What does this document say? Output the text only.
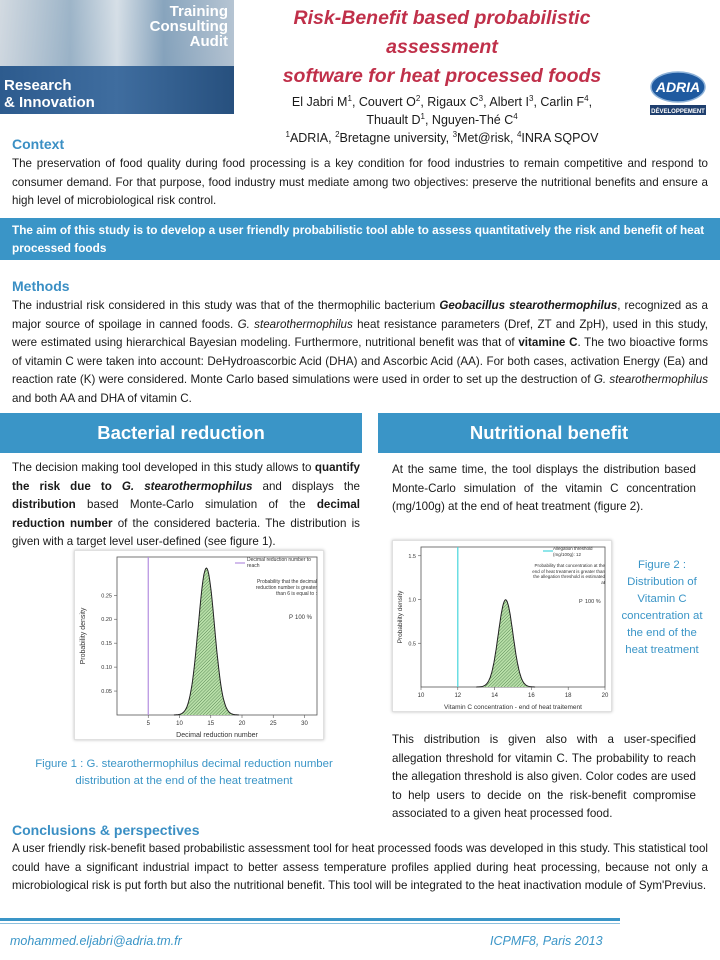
Training
Consulting
Audit
Research
& Innovation
Risk-Benefit based probabilistic assessment
software for heat processed foods
El Jabri $M^1$, Couvert $O^2$, Rigaux $C^3$, Albert $I^3$, Carlin $F^4$,
Thuault $D^1$, Nguyen-Thé $C^4$
$^1$ADRIA, $^2$Bretagne university, $^3$Met@risk, $^4$INRA SQPOV
ADRIA
DÉVELOPPEMENT
Context
The preservation of food quality during food processing is a key condition for food industries to remain competitive and respond to consumer demand. For that purpose, food industry must mediate among two objectives: preserve the nutritional benefits and ensure a high level of microbiological risk control.
The aim of this study is to develop a user friendly probabilistic tool able to assess quantitatively the risk and benefit of heat processed foods
Methods
The industrial risk considered in this study was that of the thermophilic bacterium Geobacillus stearothermophilus, recognized as a major source of spoilage in canned foods. G. stearothermophilus heat resistance parameters (Dref, ZT and ZpH), used in this study, were estimated using hierarchical Bayesian modeling. Furthermore, nutritional benefit was that of vitamine C. The two bioactive forms of vitamin C were taken into account: DeHydroascorbic Acid (DHA) and Ascorbic Acid (AA). For both cases, activation Energy (Ea) and reaction rate (K) were considered. Monte Carlo based simulations were used in order to set up the destruction of G. stearothermophilus and both AA and DHA of vitamin C.
Bacterial reduction	Nutritional benefit
The decision making tool developed in this study allows to quantify the risk due to G. stearothermophilus and displays the distribution based Monte-Carlo simulation of the decimal reduction number of the considered bacteria. The distribution is given with a target level user-defined (see figure 1).
5	10	15	20	25	30
0.05
0.10
0.15
0.20
0.25
Decimal reduction number to reach
Probability that the decimal reduction number is greater than 6 is equal to :
P 100 %
Decimal reduction number
Probability density
Figure 1 : G. stearothermophilus decimal reduction number distribution at the end of the heat treatment
At the same time, the tool displays the distribution based Monte-Carlo simulation of the vitamin C concentration (mg/100g) at the end of heat treatment (figure 2).
10	12	14	16	18	20
0.5
1.0
1.5
Allegation threshold (mg/100g): 12
Probability that concentration at the end of heat treatment is greater than the allegation threshold is estimated at
P 100 %
Vitamin C concentration - end of heat traitement
Probability density
Figure 2 : Distribution of Vitamin C concentration at the end of the heat treatment
This distribution is given also with a user-specified allegation threshold for vitamin C. The probability to reach the allegation threshold is also given. Color codes are used to help users to decide on the risk-benefit compromise associated to a given heat processed food.
Conclusions & perspectives
A user friendly risk-benefit based probabilistic assessment tool for heat processed foods was developed in this study. This statistical tool could have a significant industrial impact to better assess temperature profiles applied during heat processing, because not only a microbiological risk is put forth but also the nutritional benefit. This tool will be integrated to the heat inactivation module of Sym'Previus.
mohammed.eljabri@adria.tm.fr	ICPMF8, Paris 2013
